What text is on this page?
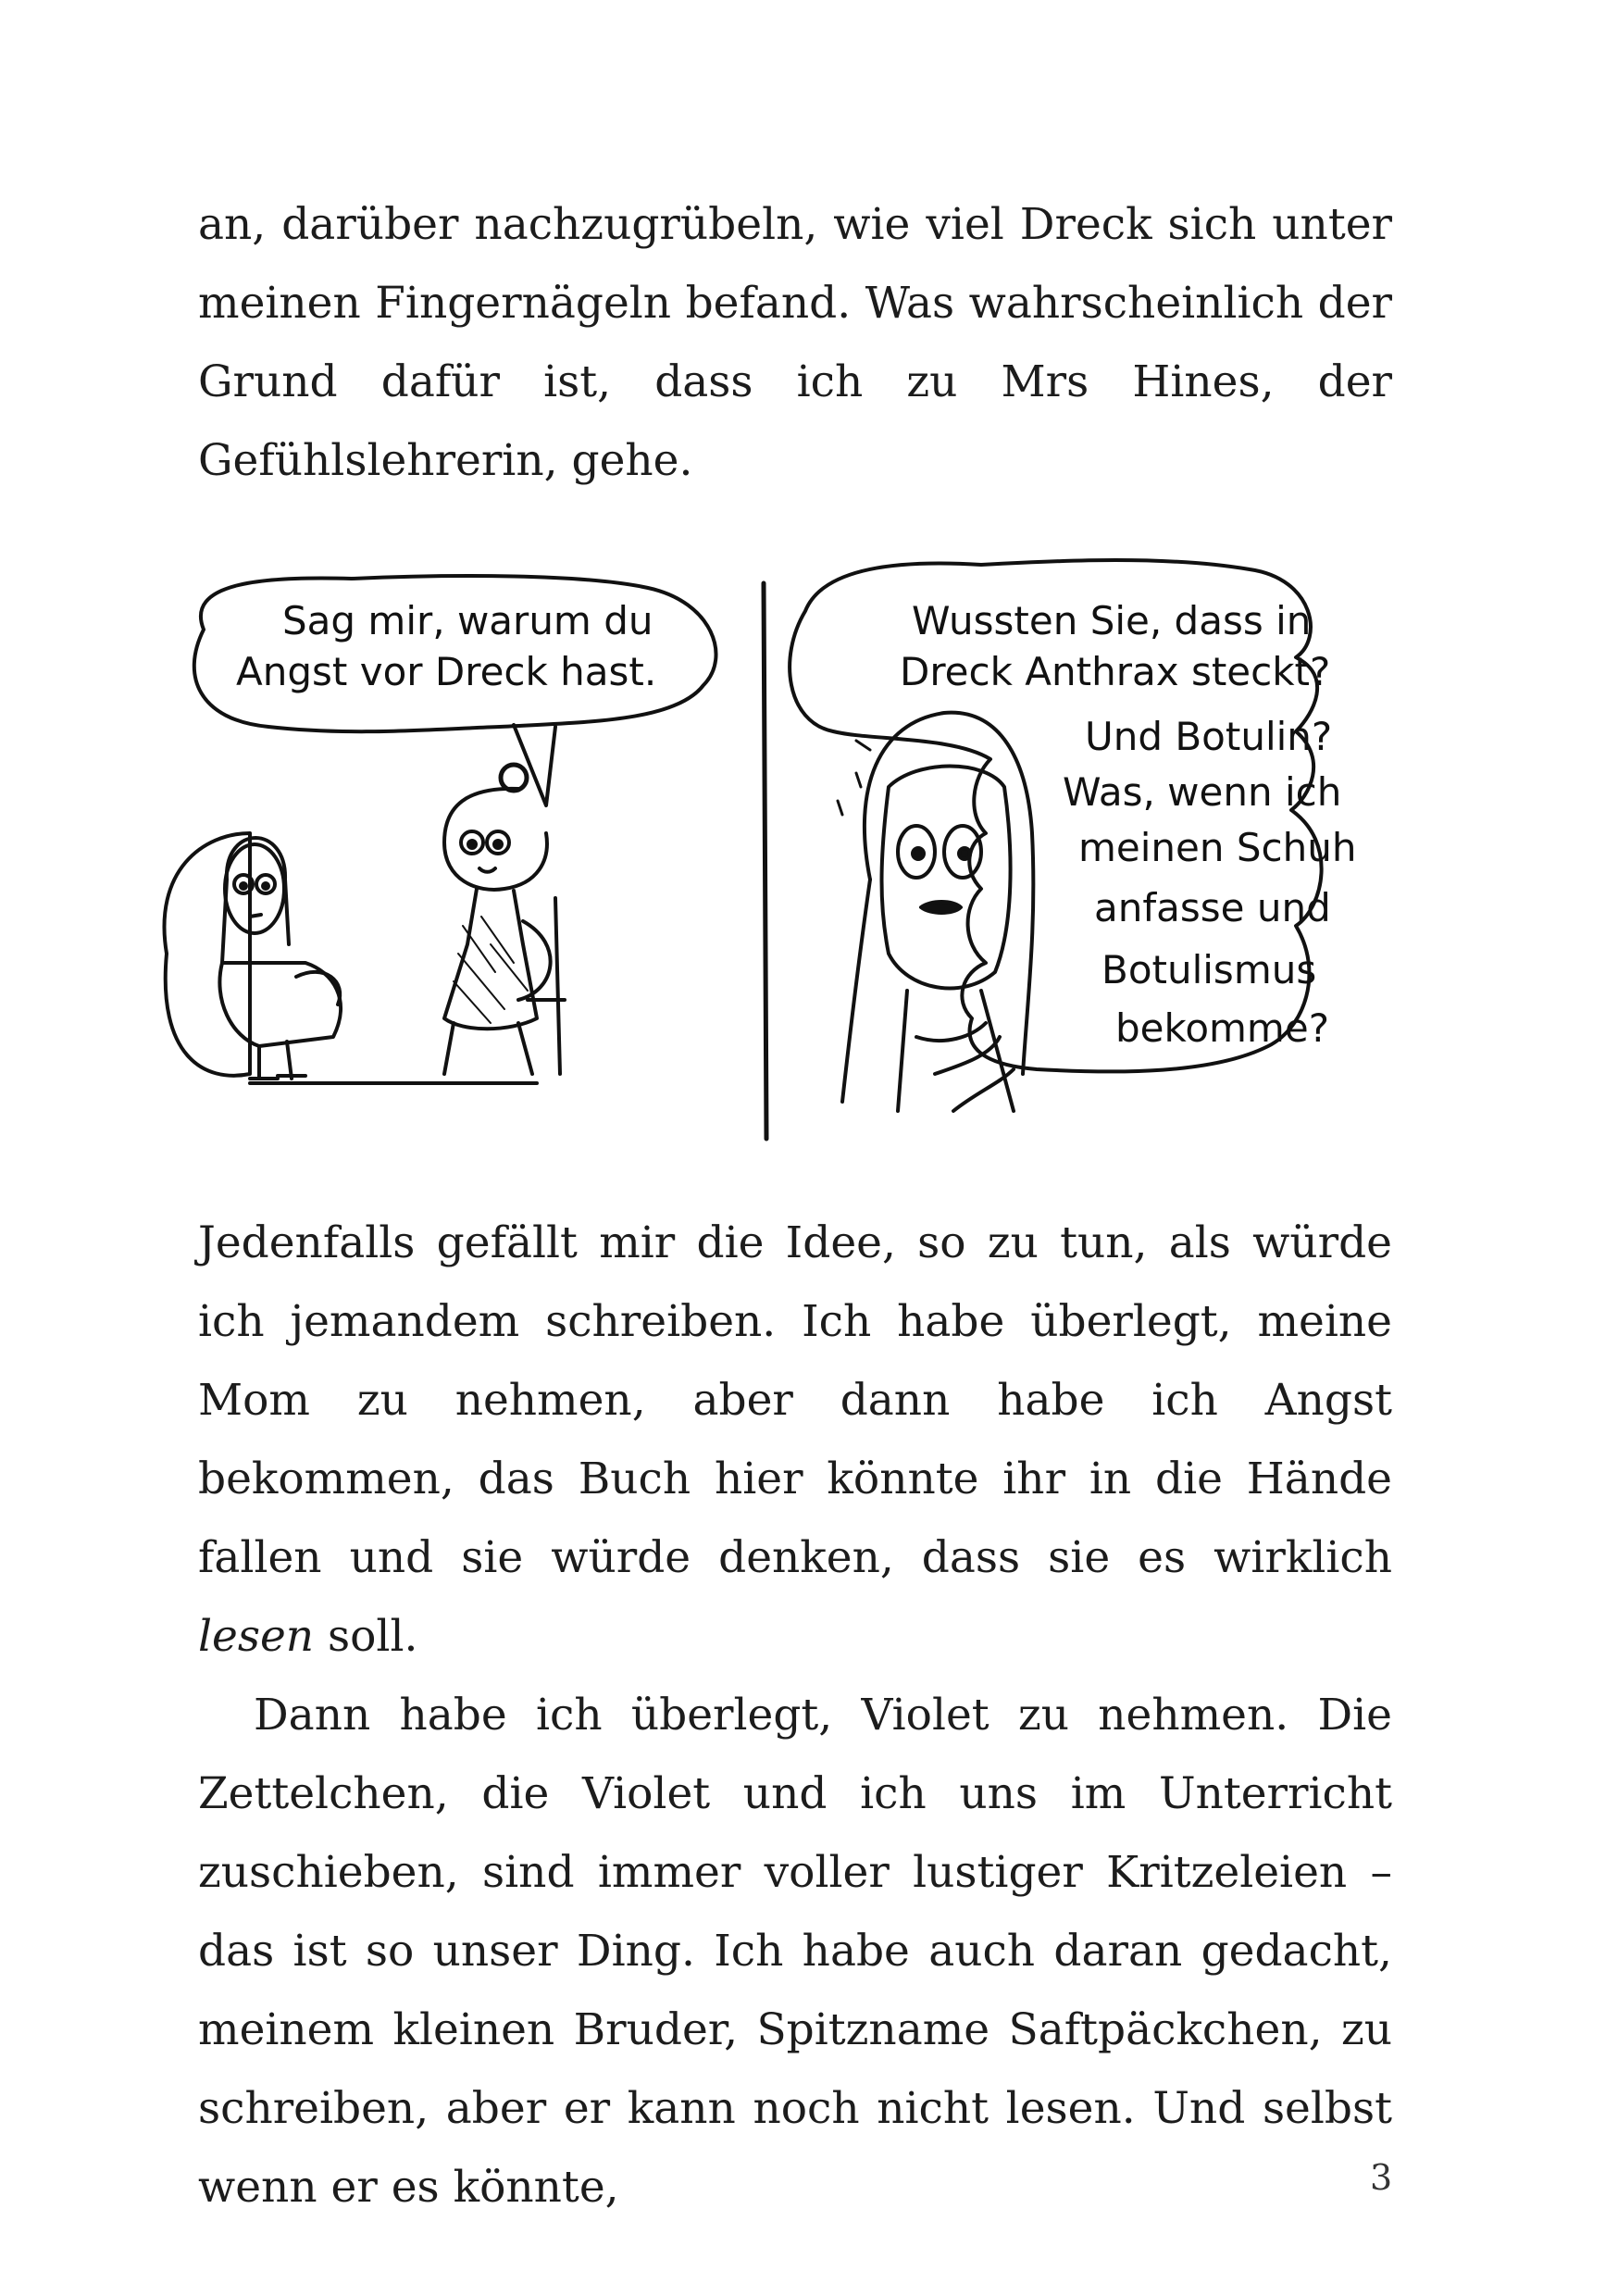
an, darüber nachzugrübeln, wie viel Dreck sich unter meinen Fingernägeln befand. Was wahrscheinlich der Grund dafür ist, dass ich zu Mrs Hines, der Gefühlslehrerin, gehe.

Sag mir, warum du Angst vor Dreck hast.
Wussten Sie, dass in Dreck Anthrax steckt? Und Botulin? Was, wenn ich meinen Schuh anfasse und Botulismus bekomme?

Jedenfalls gefällt mir die Idee, so zu tun, als würde ich jemandem schreiben. Ich habe überlegt, meine Mom zu nehmen, aber dann habe ich Angst bekommen, das Buch hier könnte ihr in die Hände fallen und sie würde denken, dass sie es wirklich lesen soll.

Dann habe ich überlegt, Violet zu nehmen. Die Zettelchen, die Violet und ich uns im Unterricht zuschieben, sind immer voller lustiger Kritzeleien – das ist so unser Ding. Ich habe auch daran gedacht, meinem kleinen Bruder, Spitzname Saftpäckchen, zu schreiben, aber er kann noch nicht lesen. Und selbst wenn er es könnte,	3
